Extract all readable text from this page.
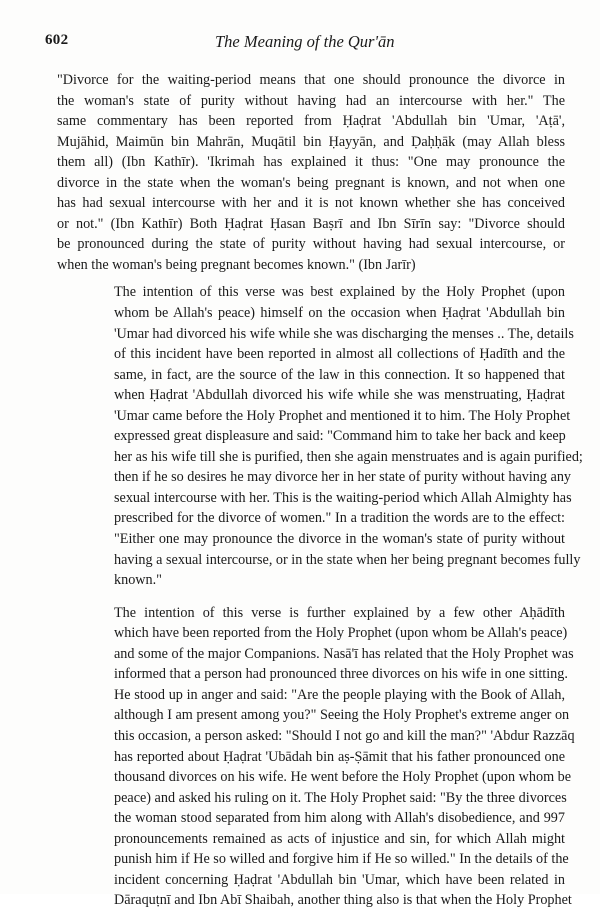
602	The Meaning of the Qur'ān

"Divorce for the waiting-period means that one should pronounce the divorce in
the woman's state of purity without having had an intercourse with her." The
same commentary has been reported from Ḥaḍrat 'Abdullah bin 'Umar, 'Aṭā',
Mujāhid, Maimūn bin Mahrān, Muqātil bin Ḥayyān, and Ḍaḥḥāk (may Allah bless
them all) (Ibn Kathīr). 'Ikrimah has explained it thus: "One may pronounce the
divorce in the state when the woman's being pregnant is known, and not when one
has had sexual intercourse with her and it is not known whether she has conceived
or not." (Ibn Kathīr) Both Ḥaḍrat Ḥasan Baṣrī and Ibn Sīrīn say: "Divorce should
be pronounced during the state of purity without having had sexual intercourse, or
when the woman's being pregnant becomes known." (Ibn Jarīr)

The intention of this verse was best explained by the Holy Prophet (upon
whom be Allah's peace) himself on the occasion when Ḥaḍrat 'Abdullah bin
'Umar had divorced his wife while she was discharging the menses .. The, details
of this incident have been reported in almost all collections of Ḥadīth and the
same, in fact, are the source of the law in this connection. It so happened that
when Ḥaḍrat 'Abdullah divorced his wife while she was menstruating, Ḥaḍrat
'Umar came before the Holy Prophet and mentioned it to him. The Holy Prophet
expressed great displeasure and said: "Command him to take her back and keep
her as his wife till she is purified, then she again menstruates and is again purified;
then if he so desires he may divorce her in her state of purity without having any
sexual intercourse with her. This is the waiting-period which Allah Almighty has
prescribed for the divorce of women." In a tradition the words are to the effect:
"Either one may pronounce the divorce in the woman's state of purity without
having a sexual intercourse, or in the state when her being pregnant becomes fully
known."

The intention of this verse is further explained by a few other Aḥādīth
which have been reported from the Holy Prophet (upon whom be Allah's peace)
and some of the major Companions. Nasā'ī has related that the Holy Prophet was
informed that a person had pronounced three divorces on his wife in one sitting.
He stood up in anger and said: "Are the people playing with the Book of Allah,
although I am present among you?" Seeing the Holy Prophet's extreme anger on
this occasion, a person asked: "Should I not go and kill the man?" 'Abdur Razzāq
has reported about Ḥaḍrat 'Ubādah bin aṣ-Ṣāmit that his father pronounced one
thousand divorces on his wife. He went before the Holy Prophet (upon whom be
peace) and asked his ruling on it. The Holy Prophet said: "By the three divorces
the woman stood separated from him along with Allah's disobedience, and 997
pronouncements remained as acts of injustice and sin, for which Allah might
punish him if He so willed and forgive him if He so willed." In the details of the
incident concerning Ḥaḍrat 'Abdullah bin 'Umar, which have been related in
Dāraquṭnī and Ibn Abī Shaibah, another thing also is that when the Holy Prophet
